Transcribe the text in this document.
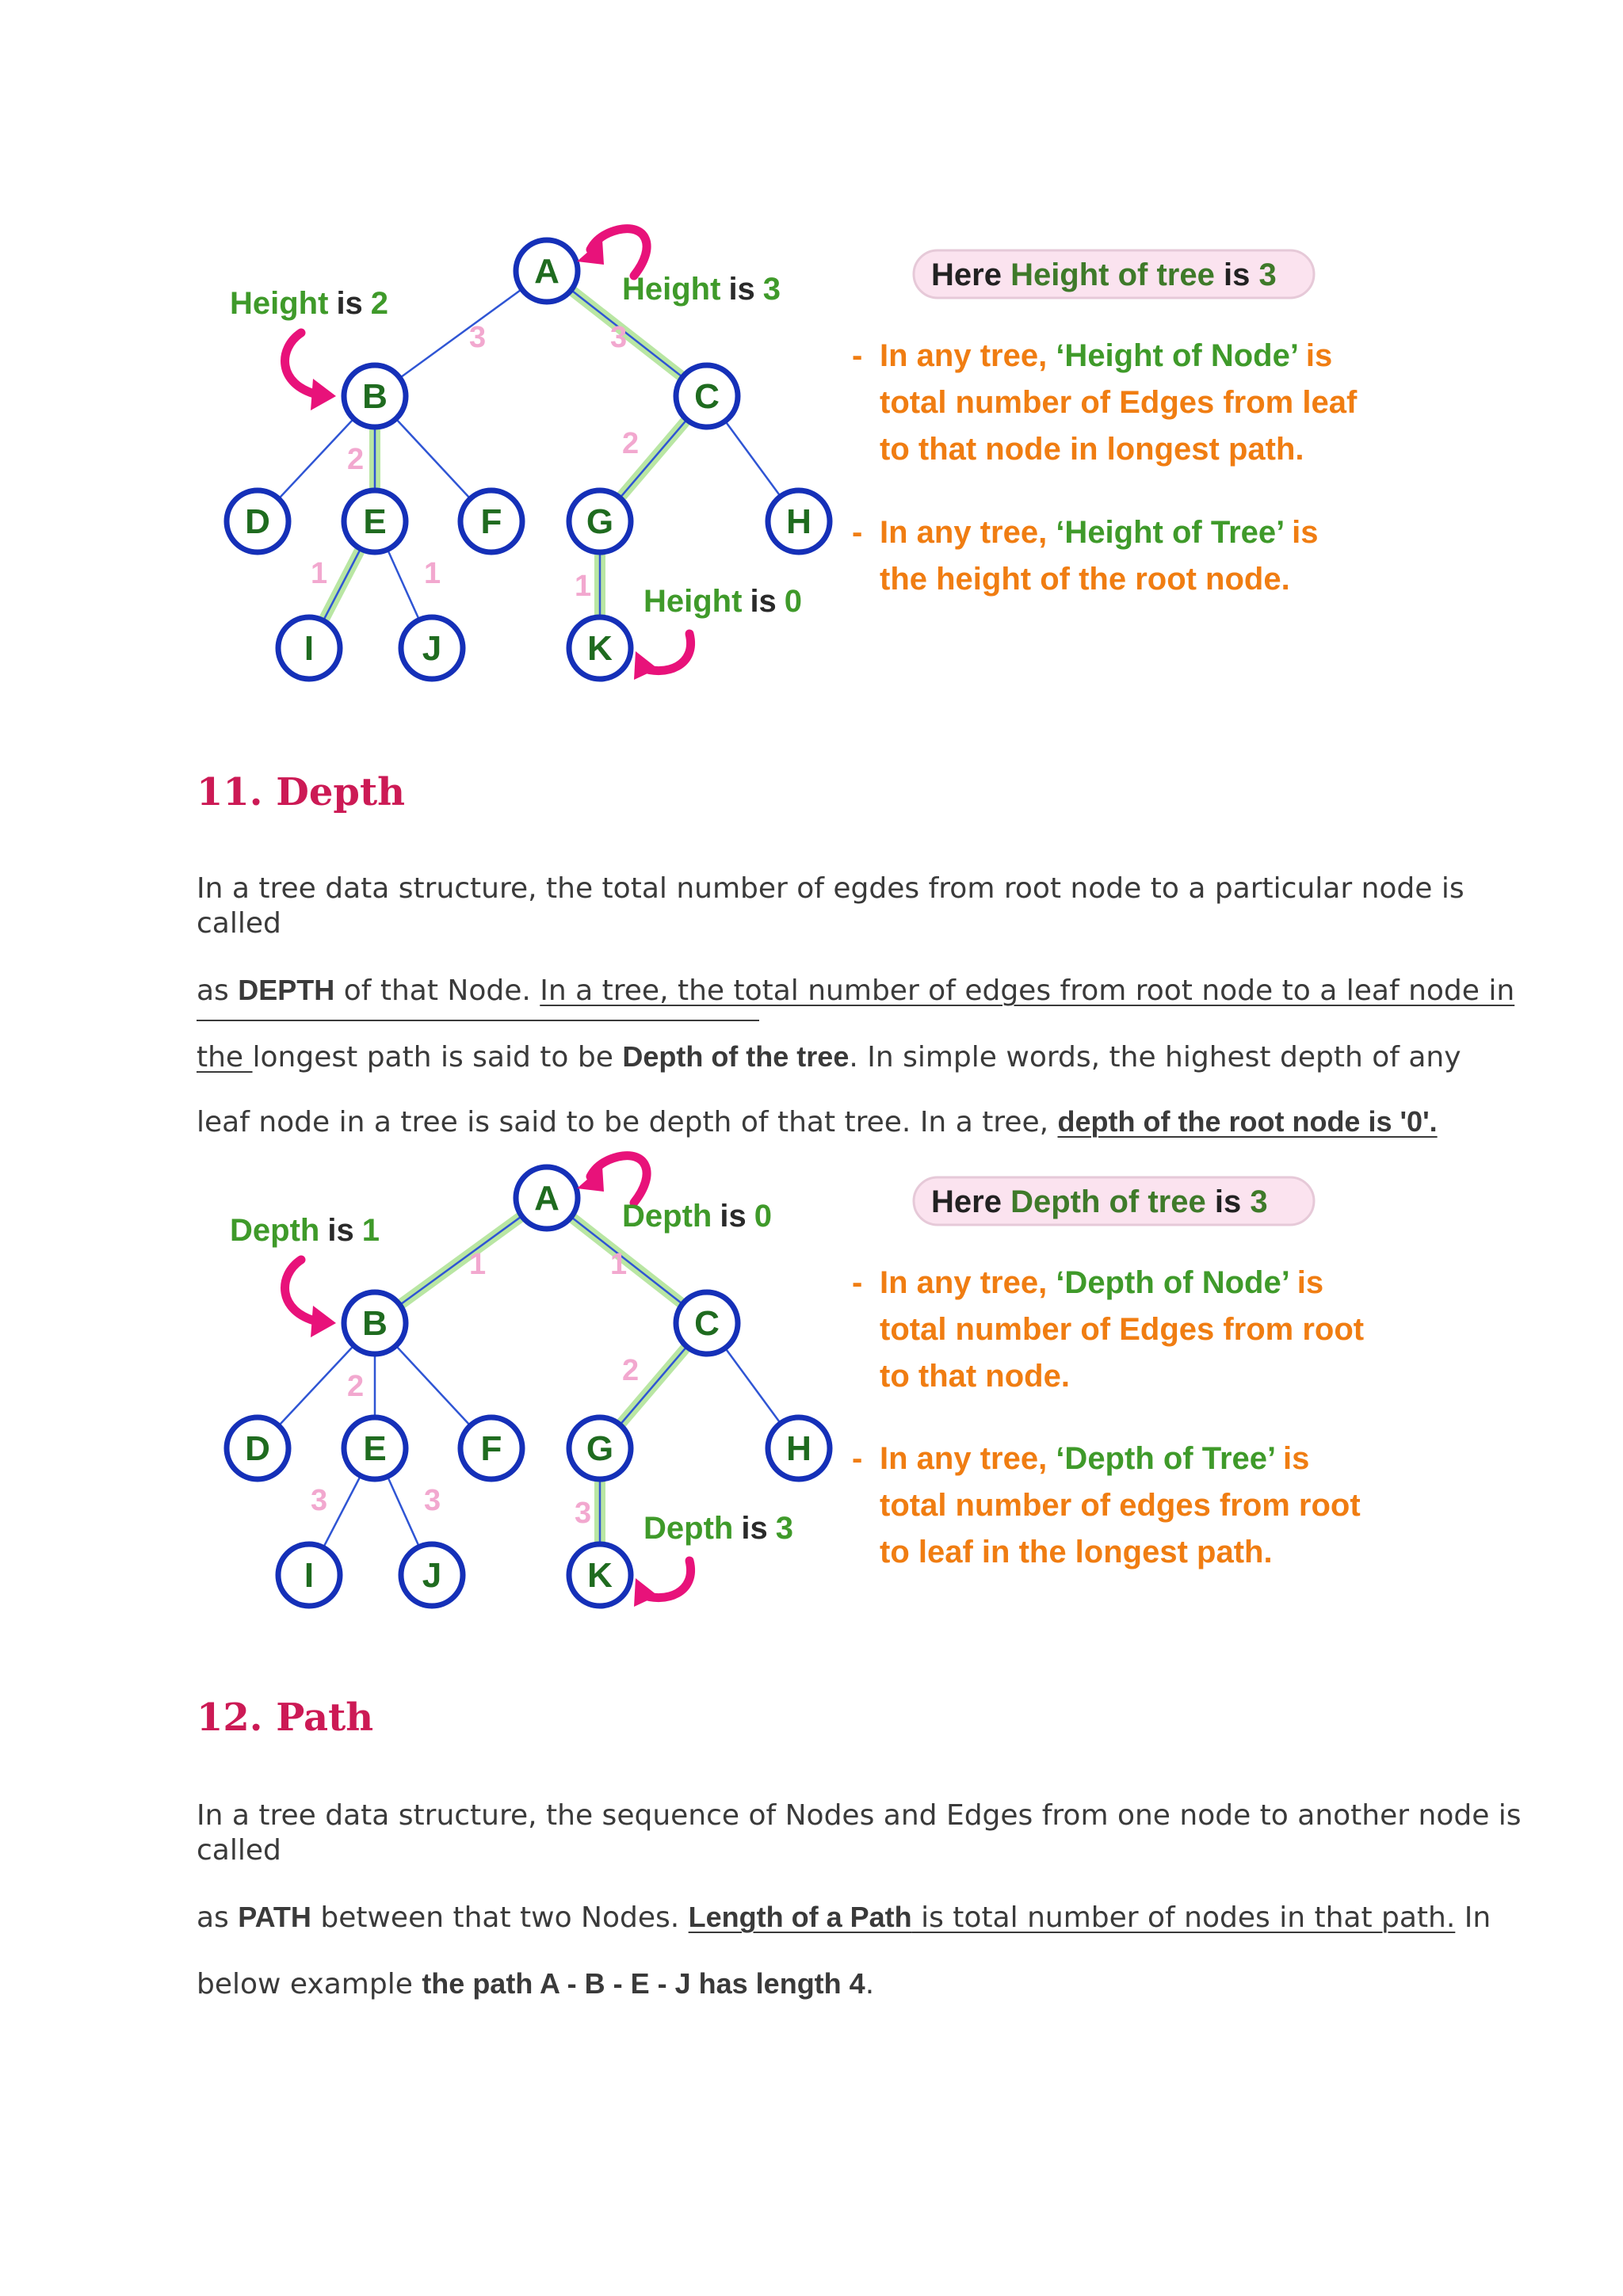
3	3
2	2
1	1	1
A
B	C
D	E	F G	H
I	J	K
Height is 2	Height is 3
Height is 0
Here Height of tree is 3
- In any tree, ‘Height of Node’ is
total number of Edges from leaf
to that node in longest path.
- In any tree, ‘Height of Tree’ is
the height of the root node.
11. Depth
In a tree data structure, the total number of egdes from root node to a particular node is
called
as DEPTH of that Node. In a tree, the total number of edges from root node to a leaf node in
the longest path is said to be Depth of the tree. In simple words, the highest depth of any
leaf node in a tree is said to be depth of that tree. In a tree, depth of the root node is '0'.
1	1
2	2
3	3	3
A
B	C
D	E	F G	H
I	J	K
Depth is 1	Depth is 0
Depth is 3
Here Depth of tree is 3
- In any tree, ‘Depth of Node’ is
total number of Edges from root
to that node.
- In any tree, ‘Depth of Tree’ is
total number of edges from root
to leaf in the longest path.
12. Path
In a tree data structure, the sequence of Nodes and Edges from one node to another node is
called
as PATH between that two Nodes. Length of a Path is total number of nodes in that path. In
below example the path A - B - E - J has length 4.
